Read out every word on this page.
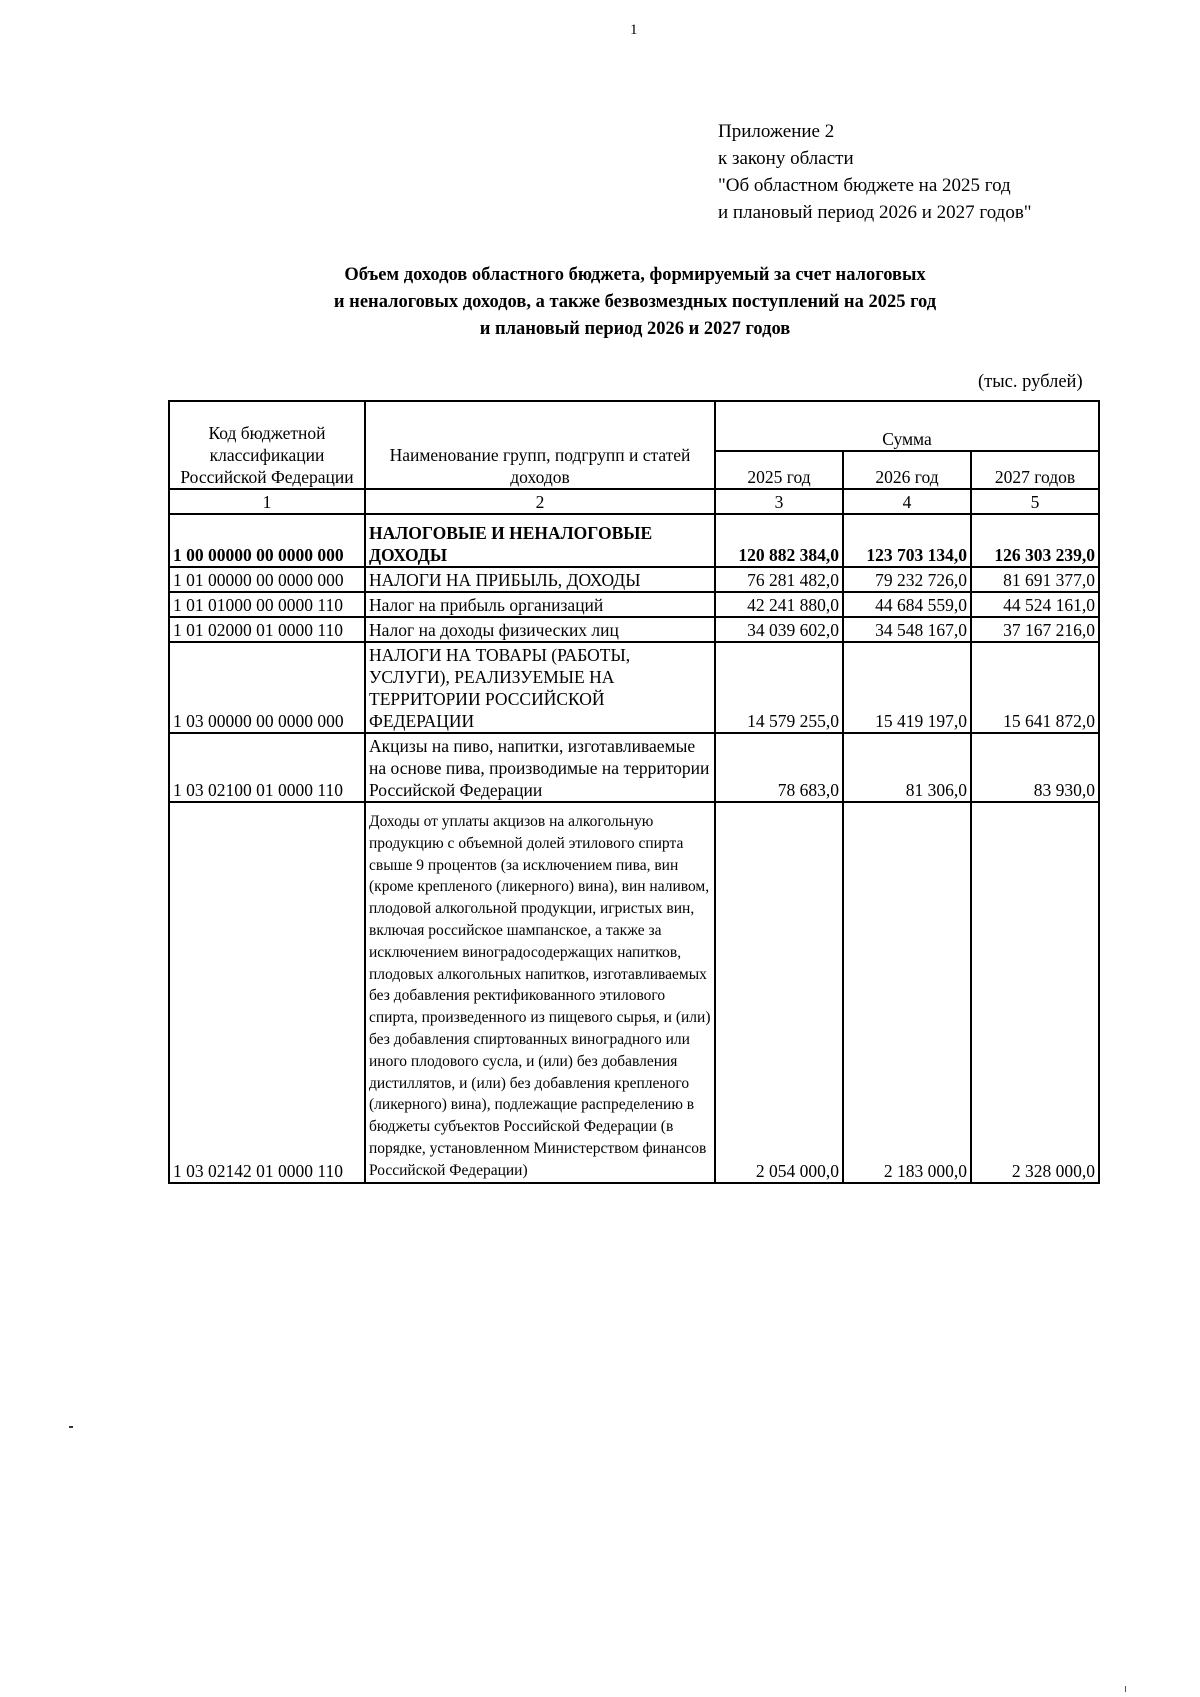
1
Приложение 2
к закону области
"Об областном бюджете на 2025 год
и плановый период 2026 и 2027 годов"
Объем доходов областного бюджета, формируемый за счет налоговых
и неналоговых доходов, а также безвозмездных поступлений на 2025 год
и плановый период 2026 и 2027 годов
(тыс. рублей)
Код бюджетной классификации Российской Федерации	Наименование групп, подгрупп и статей доходов	Сумма		
		2025 год	2026 год	2027 годов
1	2	3	4	5
1 00 00000 00 0000 000	НАЛОГОВЫЕ И НЕНАЛОГОВЫЕ ДОХОДЫ	120 882 384,0	123 703 134,0	126 303 239,0
1 01 00000 00 0000 000	НАЛОГИ НА ПРИБЫЛЬ, ДОХОДЫ	76 281 482,0	79 232 726,0	81 691 377,0
1 01 01000 00 0000 110	Налог на прибыль организаций	42 241 880,0	44 684 559,0	44 524 161,0
1 01 02000 01 0000 110	Налог на доходы физических лиц	34 039 602,0	34 548 167,0	37 167 216,0
1 03 00000 00 0000 000	НАЛОГИ НА ТОВАРЫ (РАБОТЫ, УСЛУГИ), РЕАЛИЗУЕМЫЕ НА ТЕРРИТОРИИ РОССИЙСКОЙ ФЕДЕРАЦИИ	14 579 255,0	15 419 197,0	15 641 872,0
1 03 02100 01 0000 110	Акцизы на пиво, напитки, изготавливаемые на основе пива, производимые на территории Российской Федерации	78 683,0	81 306,0	83 930,0
1 03 02142 01 0000 110	Доходы от уплаты акцизов на алкогольную продукцию с объемной долей этилового спирта свыше 9 процентов (за исключением пива, вин (кроме крепленого (ликерного) вина), вин наливом, плодовой алкогольной продукции, игристых вин, включая российское шампанское, а также за исключением виноградосодержащих напитков, плодовых алкогольных напитков, изготавливаемых без добавления ректификованного этилового спирта, произведенного из пищевого сырья, и (или) без добавления спиртованных виноградного или иного плодового сусла, и (или) без добавления дистиллятов, и (или) без добавления крепленого (ликерного) вина), подлежащие распределению в бюджеты субъектов Российской Федерации (в порядке, установленном Министерством финансов Российской Федерации)	2 054 000,0	2 183 000,0	2 328 000,0
